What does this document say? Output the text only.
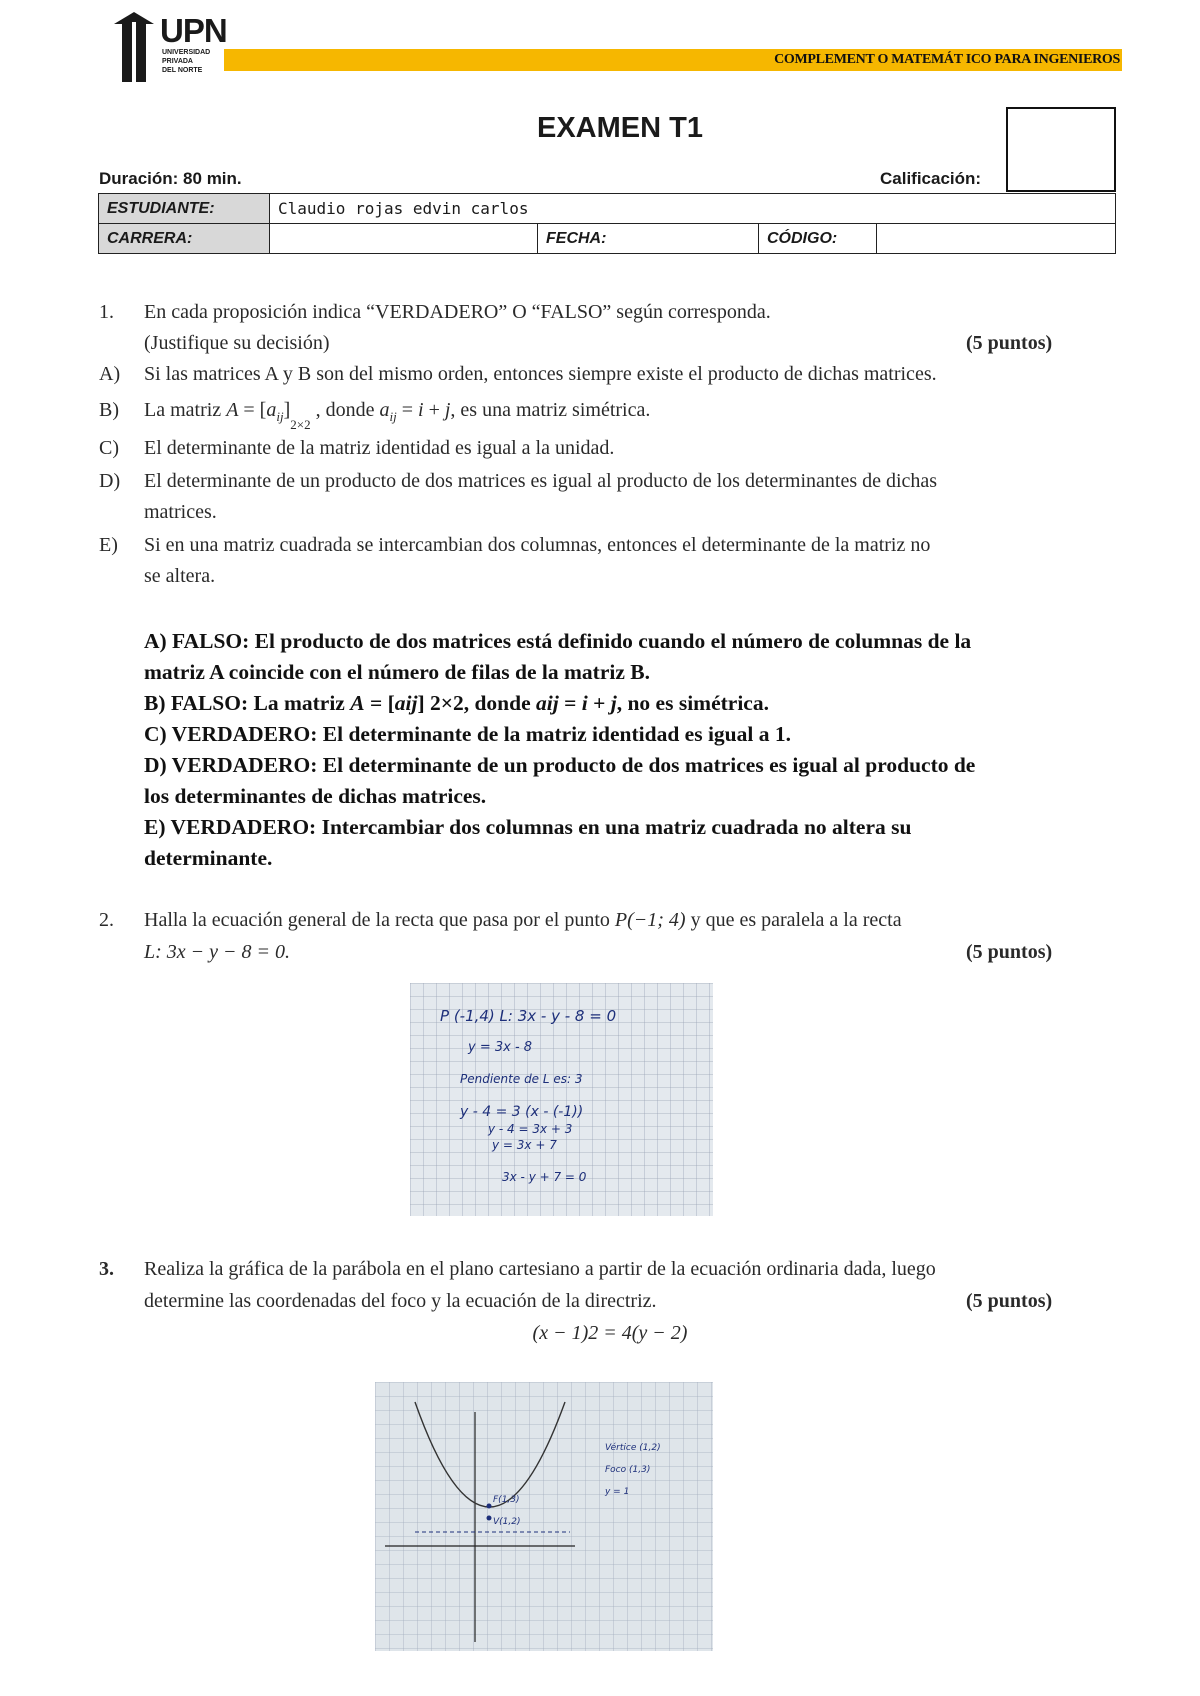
UPN
UNIVERSIDAD
PRIVADA
DEL NORTE
COMPLEMENT O MATEMÁT ICO PARA INGENIEROS
EXAMEN T1
Duración: 80 min.	Calificación:
ESTUDIANTE:	Claudio rojas edvin carlos			
CARRERA:		FECHA:	CÓDIGO:	
1.	En cada proposición indica “VERDADERO” O “FALSO” según corresponda.
(Justifique su decisión)	(5 puntos)
A) Si las matrices A y B son del mismo orden, entonces siempre existe el producto de dichas matrices.
B) La matriz $A = [a_{ij}]_{2\times 2}$ , donde $a_{ij} = i + j$, es una matriz simétrica.
C) El determinante de la matriz identidad es igual a la unidad.
D) El determinante de un producto de dos matrices es igual al producto de los determinantes de dichas
matrices.
E) Si en una matriz cuadrada se intercambian dos columnas, entonces el determinante de la matriz no
se altera.
A) FALSO: El producto de dos matrices está definido cuando el número de columnas de la
matriz A coincide con el número de filas de la matriz B.
B) FALSO: La matriz A = [aij] 2×2, donde aij = i + j, no es simétrica.
C) VERDADERO: El determinante de la matriz identidad es igual a 1.
D) VERDADERO: El determinante de un producto de dos matrices es igual al producto de
los determinantes de dichas matrices.
E) VERDADERO: Intercambiar dos columnas en una matriz cuadrada no altera su
determinante.
2.	Halla la ecuación general de la recta que pasa por el punto P(−1; 4) y que es paralela a la recta
L: 3x − y − 8 = 0.	(5 puntos)
P (-1,4) L: 3x - y - 8 = 0
y = 3x - 8
Pendiente de L es: 3
y - 4 = 3 (x - (-1))
y - 4 = 3x + 3
y = 3x + 7
3x - y + 7 = 0
3.	Realiza la gráfica de la parábola en el plano cartesiano a partir de la ecuación ordinaria dada, luego
determine las coordenadas del foco y la ecuación de la directriz.	(5 puntos)
(x − 1)2 = 4(y − 2)
F(1,3)
V(1,2)
Vértice (1,2)
Foco (1,3)
y = 1
